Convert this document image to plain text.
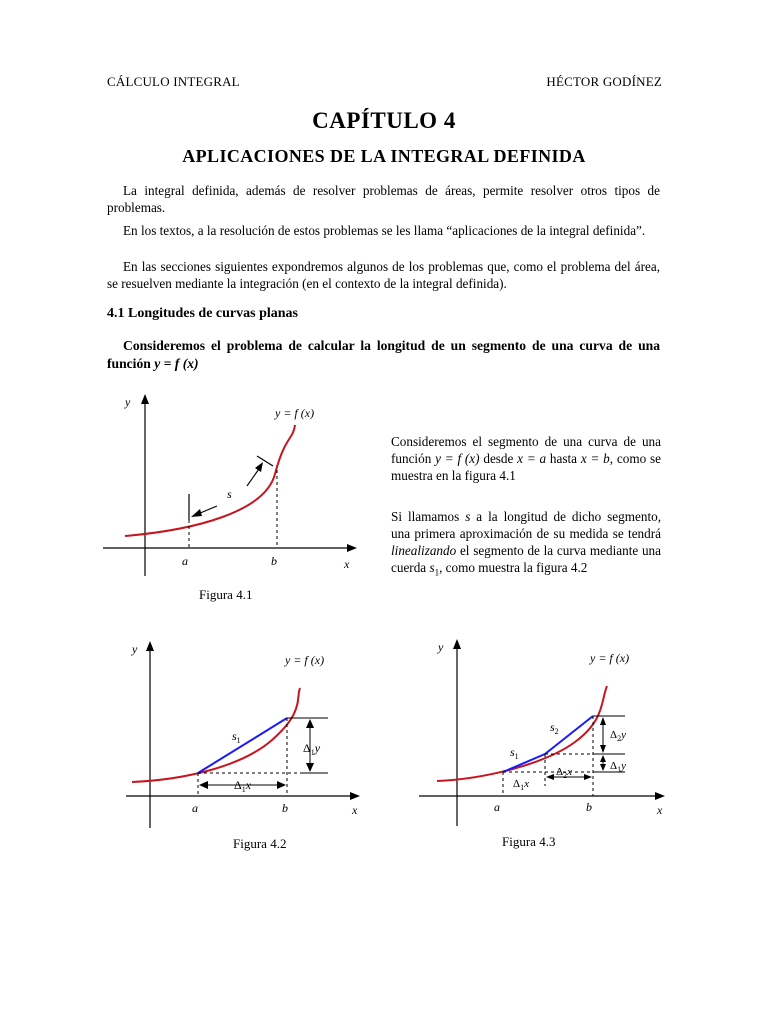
CÁLCULO INTEGRAL	HÉCTOR GODÍNEZ
CAPÍTULO 4
APLICACIONES DE LA INTEGRAL DEFINIDA

La integral definida, además de resolver problemas de áreas, permite resolver otros tipos de problemas.

En los textos, a la resolución de estos problemas se les llama “aplicaciones de la integral definida”.

En las secciones siguientes expondremos algunos de los problemas que, como el problema del área, se resuelven mediante la integración (en el contexto de la integral definida).

4.1 Longitudes de curvas planas

Consideremos el problema de calcular la longitud de un segmento de una curva de una función y = f (x)

y
x
a	b
s
y = f (x)

Consideremos el segmento de una curva de una función y = f (x) desde x = a hasta x = b, como se muestra en la figura 4.1

Si llamamos s a la longitud de dicho segmento, una primera aproximación de su medida se tendrá linealizando el segmento de la curva mediante una cuerda $s_1$, como muestra la figura 4.2

Figura 4.1
y
x
a	b
y = f (x)
$s_1$
$\Delta_1y$
$\Delta_1x$
Figura 4.2
y
x
a	b
y = f (x)
$s_1$
$s_2$	$\Delta_2y$
$\Delta_1y$
$\Delta_1x$
$\Delta_2x$
Figura 4.3
